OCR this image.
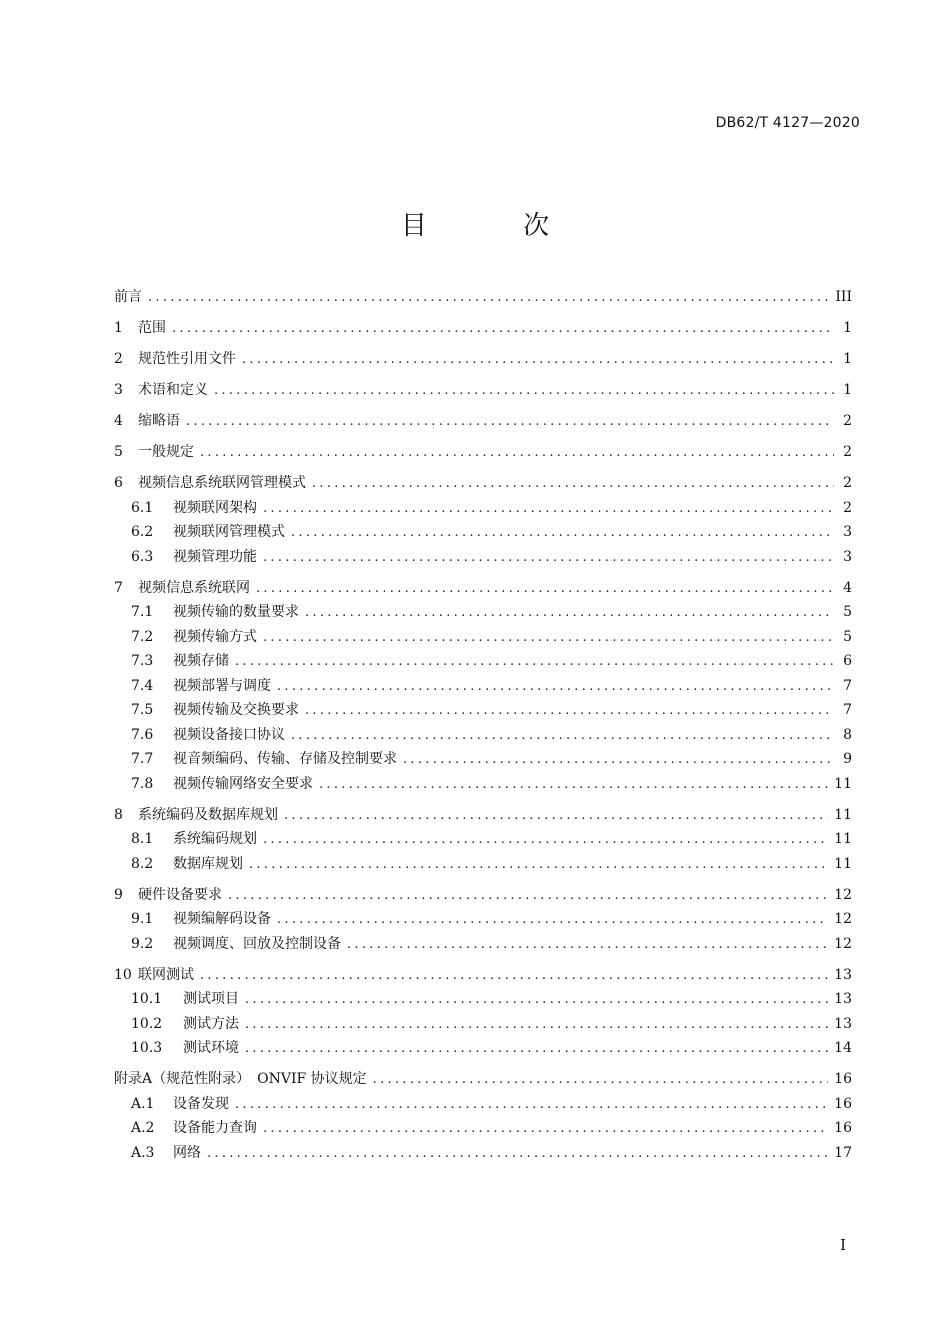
DB62/T 4127—2020
目 次
前言 .....	III
1	范围 .....	1
2	规范性引用文件 .....	1
3	术语和定义 .....	1
4	缩略语 .....	2
5	一般规定 .....	2
6	视频信息系统联网管理模式 .....	2
6.1	视频联网架构 .....	2
6.2	视频联网管理模式 .....	3
6.3	视频管理功能 .....	3
7	视频信息系统联网 .....	4
7.1	视频传输的数量要求 .....	5
7.2	视频传输方式 .....	5
7.3	视频存储 .....	6
7.4	视频部署与调度 .....	7
7.5	视频传输及交换要求 .....	7
7.6	视频设备接口协议 .....	8
7.7	视音频编码、传输、存储及控制要求 .....	9
7.8	视频传输网络安全要求 .....	11
8	系统编码及数据库规划 .....	11
8.1	系统编码规划 .....	11
8.2	数据库规划 .....	11
9	硬件设备要求 .....	12
9.1	视频编解码设备 .....	12
9.2	视频调度、回放及控制设备 .....	12
10 联网测试 .....	13
10.1	测试项目 .....	13
10.2	测试方法 .....	13
10.3	测试环境 .....	14
附录A（规范性附录）　ONVIF 协议规定 .....	16
A.1	设备发现 .....	16
A.2	设备能力查询 .....	16
A.3	网络 .....	17
I
